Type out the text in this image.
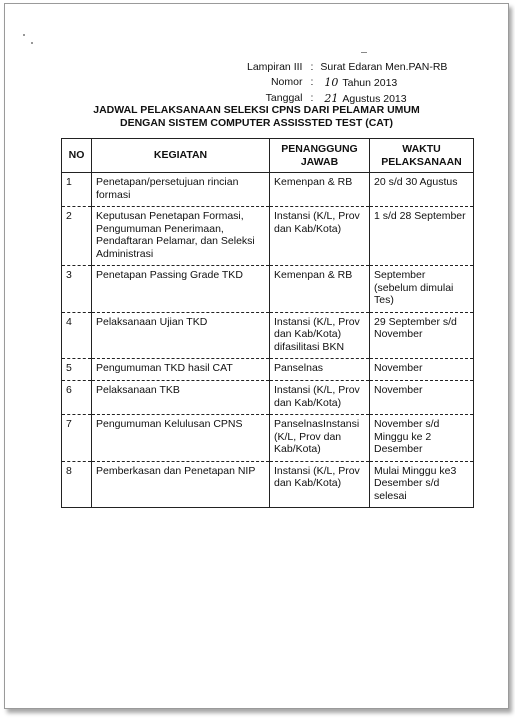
Lampiran III	:	Surat Edaran Men.PAN-RB
Nomor	:	10 Tahun 2013
Tanggal	:	21 Agustus 2013
JADWAL PELAKSANAAN SELEKSI CPNS DARI PELAMAR UMUM
DENGAN SISTEM COMPUTER ASSISSTED TEST (CAT)
NO	KEGIATAN	PENANGGUNG JAWAB	WAKTU PELAKSANAAN
1	Penetapan/persetujuan rincian formasi	Kemenpan & RB	20 s/d 30 Agustus
2	Keputusan Penetapan Formasi, Pengumuman Penerimaan, Pendaftaran Pelamar, dan Seleksi Administrasi	Instansi (K/L, Prov dan Kab/Kota)	1 s/d 28 September
3	Penetapan Passing Grade TKD	Kemenpan & RB	September (sebelum dimulai Tes)
4	Pelaksanaan Ujian TKD	Instansi (K/L, Prov dan Kab/Kota) difasilitasi BKN	29 September s/d November
5	Pengumuman TKD hasil CAT	Panselnas	November
6	Pelaksanaan TKB	Instansi (K/L, Prov dan Kab/Kota)	November
7	Pengumuman Kelulusan CPNS	PanselnasInstansi (K/L, Prov dan Kab/Kota)	November s/d Minggu ke 2 Desember
8	Pemberkasan dan Penetapan NIP	Instansi (K/L, Prov dan Kab/Kota)	Mulai Minggu ke3 Desember s/d selesai
